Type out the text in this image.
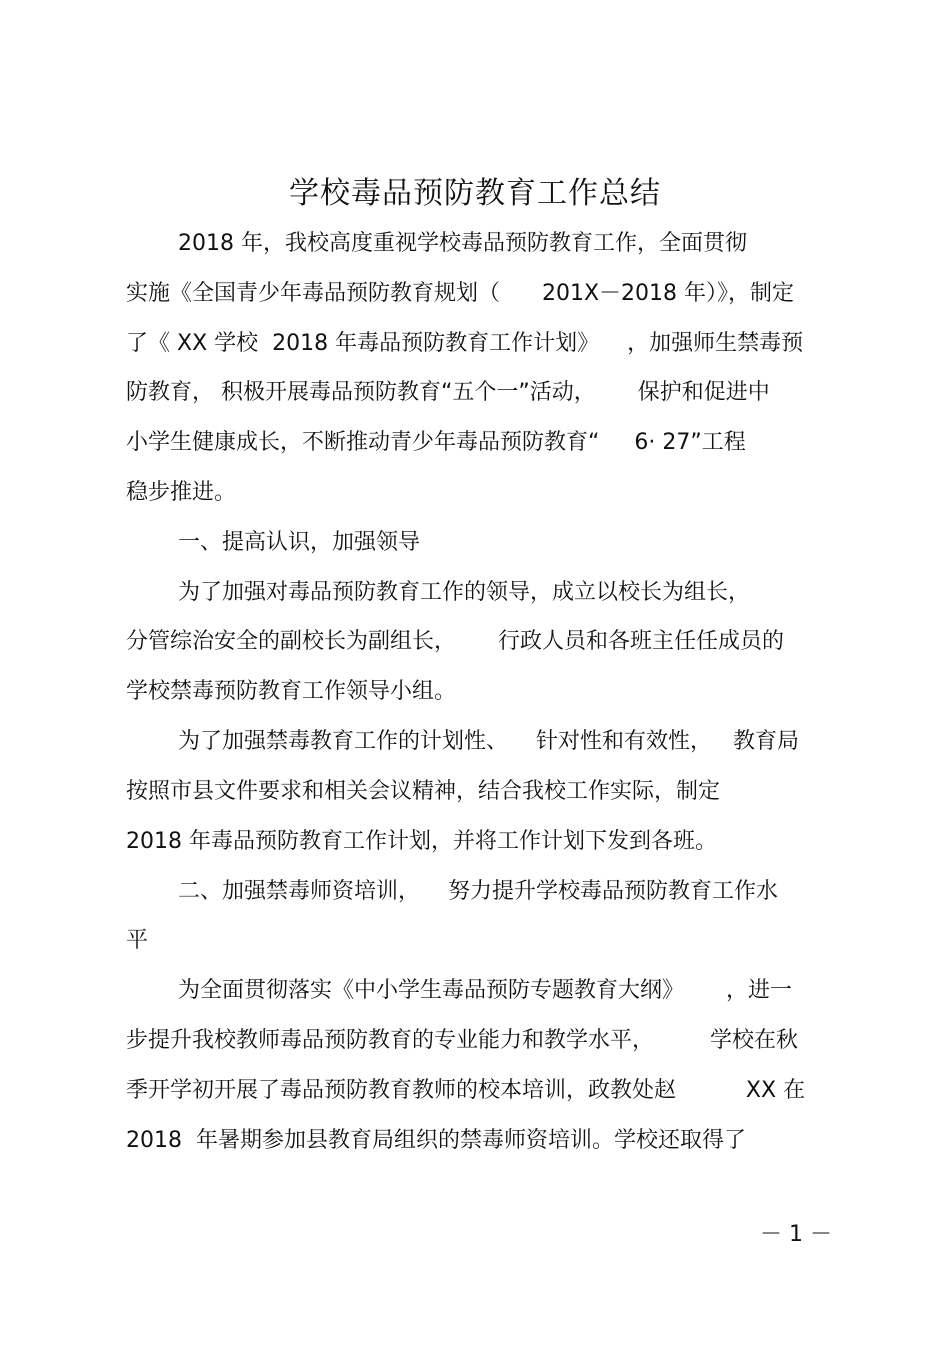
学校毒品预防教育工作总结
2018 年，我校高度重视学校毒品预防教育工作，全面贯彻
实施《全国青少年毒品预防教育规划（      201X－2018 年）》，制定
了《 XX 学校  2018 年毒品预防教育工作计划》    ，加强师生禁毒预
防教育， 积极开展毒品预防教育“五个一”活动，      保护和促进中
小学生健康成长，不断推动青少年毒品预防教育“     6· 27”工程
稳步推进。
一、提高认识，加强领导
为了加强对毒品预防教育工作的领导，成立以校长为组长，
分管综治安全的副校长为副组长，      行政人员和各班主任任成员的
学校禁毒预防教育工作领导小组。
为了加强禁毒教育工作的计划性、    针对性和有效性，   教育局
按照市县文件要求和相关会议精神，结合我校工作实际，制定
2018 年毒品预防教育工作计划，并将工作计划下发到各班。
二、加强禁毒师资培训，    努力提升学校毒品预防教育工作水
平
为全面贯彻落实《中小学生毒品预防专题教育大纲》      ，进一
步提升我校教师毒品预防教育的专业能力和教学水平，        学校在秋
季开学初开展了毒品预防教育教师的校本培训，政教处赵          XX 在
2018  年暑期参加县教育局组织的禁毒师资培训。学校还取得了
－ 1 －
